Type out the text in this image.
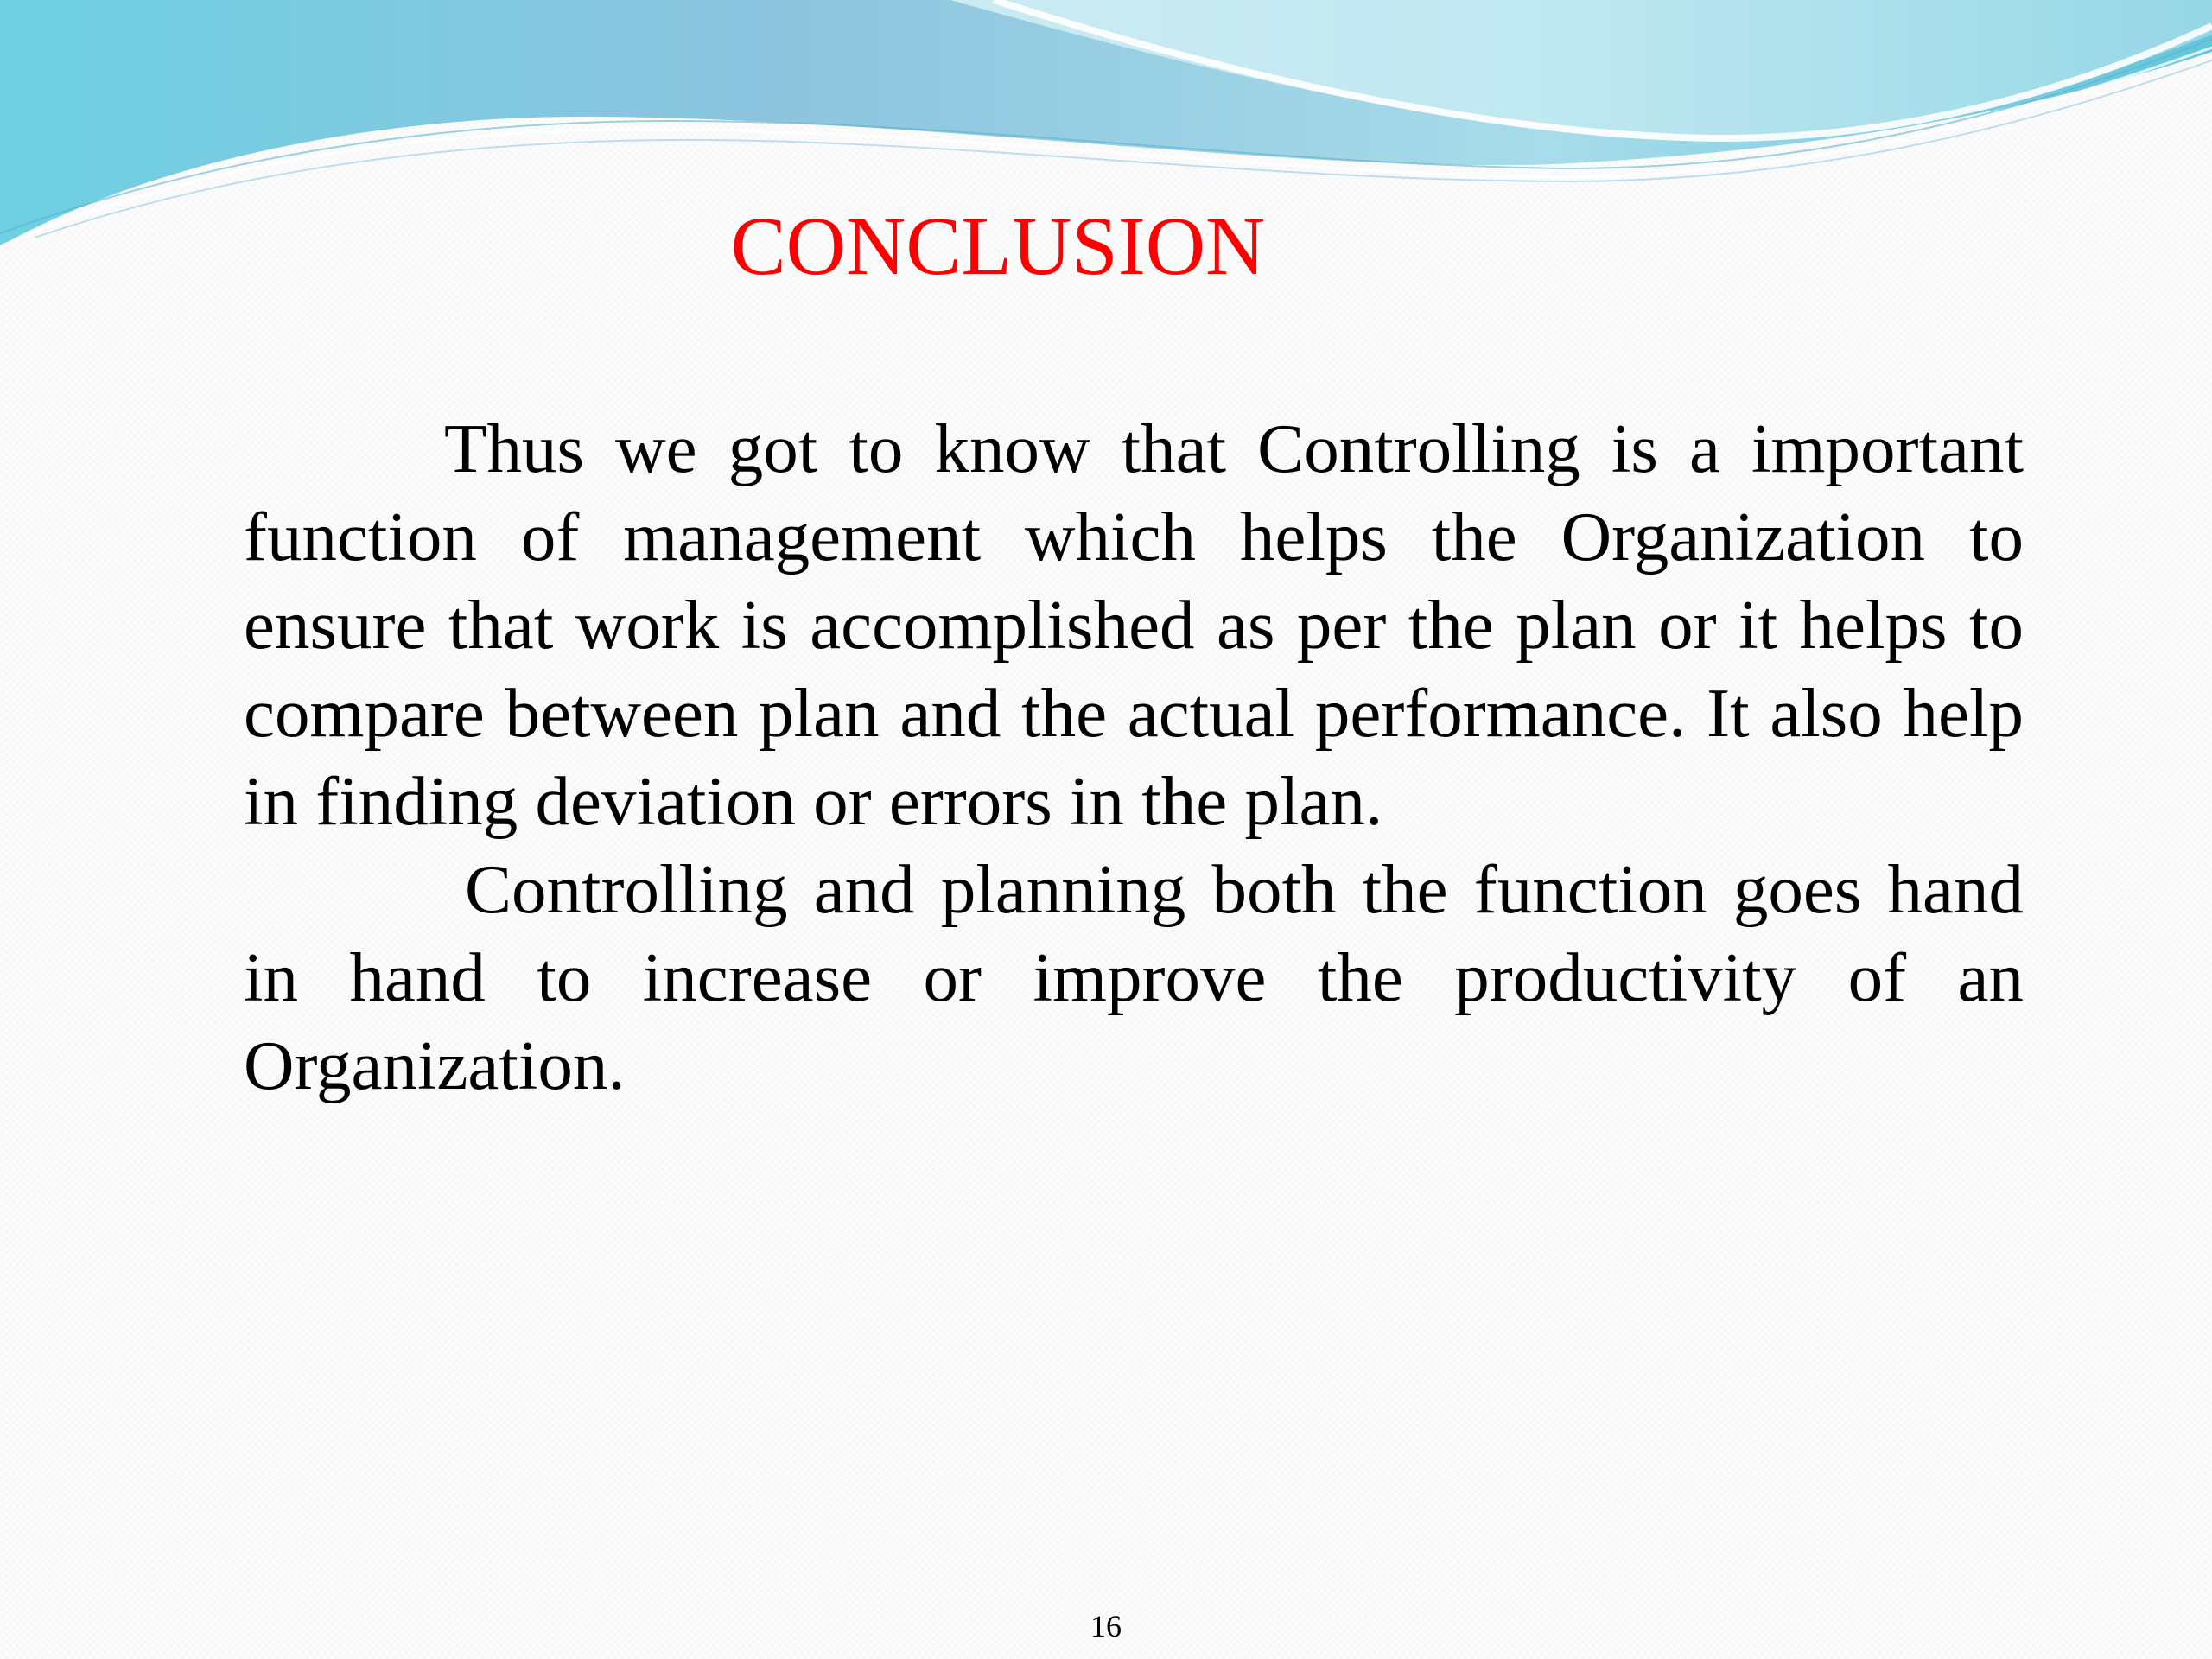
CONCLUSION

Thus we got to know that Controlling is a important function of management which helps the Organization to ensure that work is accomplished as per the plan or it helps to compare between plan and the actual performance. It also help in finding deviation or errors in the plan.

Controlling and planning both the function goes hand in hand to increase or improve the productivity of an Organization.

16
